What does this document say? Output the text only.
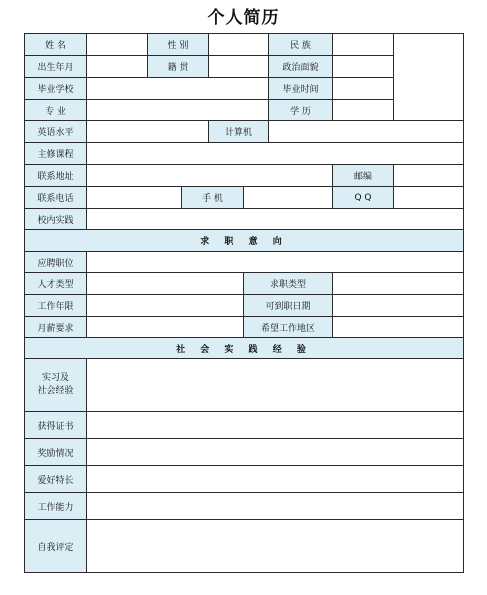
个人简历
姓 名	性 别	民 族
出生年月	籍 贯	政治面貌
毕业学校	毕业时间
专 业	学 历
英语水平	计算机
主修课程
联系地址	邮编
联系电话	手 机	Q Q
校内实践
求 职 意 向
应聘职位
人才类型	求职类型
工作年限	可到职日期
月薪要求	希望工作地区
社 会 实 践 经 验
实习及
社会经验
获得证书
奖励情况
爱好特长
工作能力
自我评定
